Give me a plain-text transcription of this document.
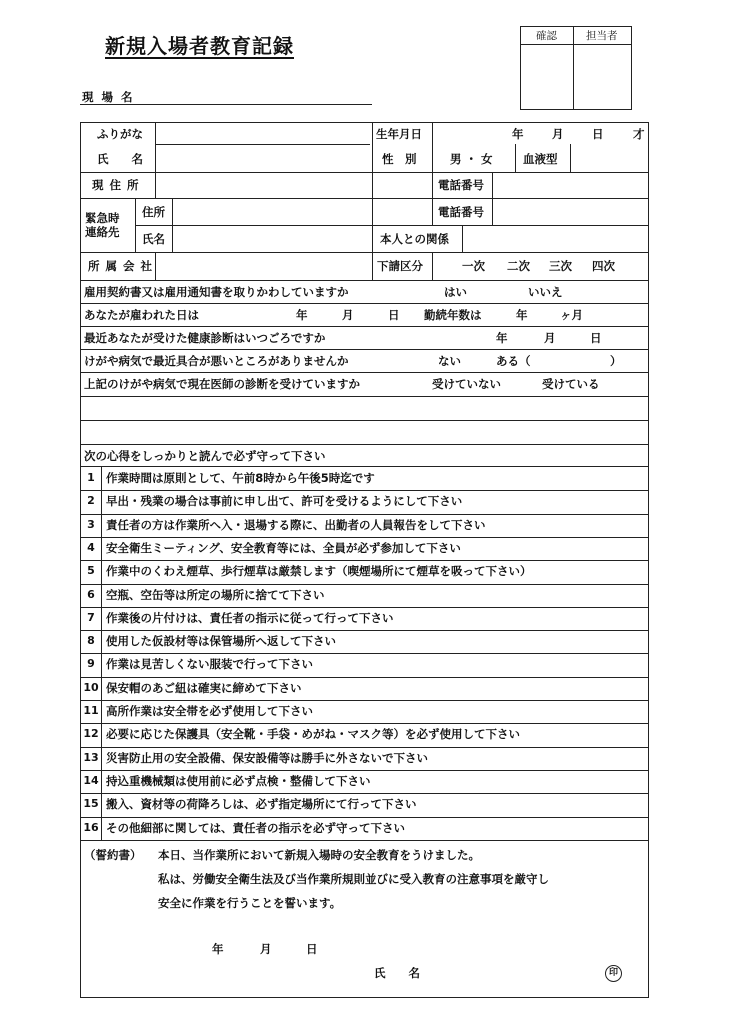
新規入場者教育記録	確認	担当者
現 場 名
ふりがな
氏　　名
生年月日	年 月 日	才
性　別	男 ・ 女	血液型
現 住 所	電話番号
緊急時
連絡先
住所	電話番号
氏名	本人との関係
所 属 会 社	下請区分	一次 二次 三次 四次
雇用契約書又は雇用通知書を取りかわしていますか	はい	いいえ
あなたが雇われた日は	年	月	日 勤続年数は	年	ヶ月
最近あなたが受けた健康診断はいつごろですか	年	月	日
けがや病気で最近具合が悪いところがありませんか	ない	ある（	）
上記のけがや病気で現在医師の診断を受けていますか	受けていない	受けている
次の心得をしっかりと読んで必ず守って下さい
1 作業時間は原則として、午前8時から午後5時迄です
2 早出・残業の場合は事前に申し出て、許可を受けるようにして下さい
3 責任者の方は作業所へ入・退場する際に、出勤者の人員報告をして下さい
4 安全衛生ミーティング、安全教育等には、全員が必ず参加して下さい
5 作業中のくわえ煙草、歩行煙草は厳禁します（喫煙場所にて煙草を吸って下さい）
6 空瓶、空缶等は所定の場所に捨てて下さい
7 作業後の片付けは、責任者の指示に従って行って下さい
8 使用した仮設材等は保管場所へ返して下さい
9 作業は見苦しくない服装で行って下さい
10 保安帽のあご紐は確実に締めて下さい
11 高所作業は安全帯を必ず使用して下さい
12 必要に応じた保護具（安全靴・手袋・めがね・マスク等）を必ず使用して下さい
13 災害防止用の安全設備、保安設備等は勝手に外さないで下さい
14 持込重機械類は使用前に必ず点検・整備して下さい
15 搬入、資材等の荷降ろしは、必ず指定場所にて行って下さい
16 その他細部に関しては、責任者の指示を必ず守って下さい
（誓約書） 本日、当作業所において新規入場時の安全教育をうけました。
私は、労働安全衛生法及び当作業所規則並びに受入教育の注意事項を厳守し
安全に作業を行うことを誓います。
年	月	日
氏　　名	印
